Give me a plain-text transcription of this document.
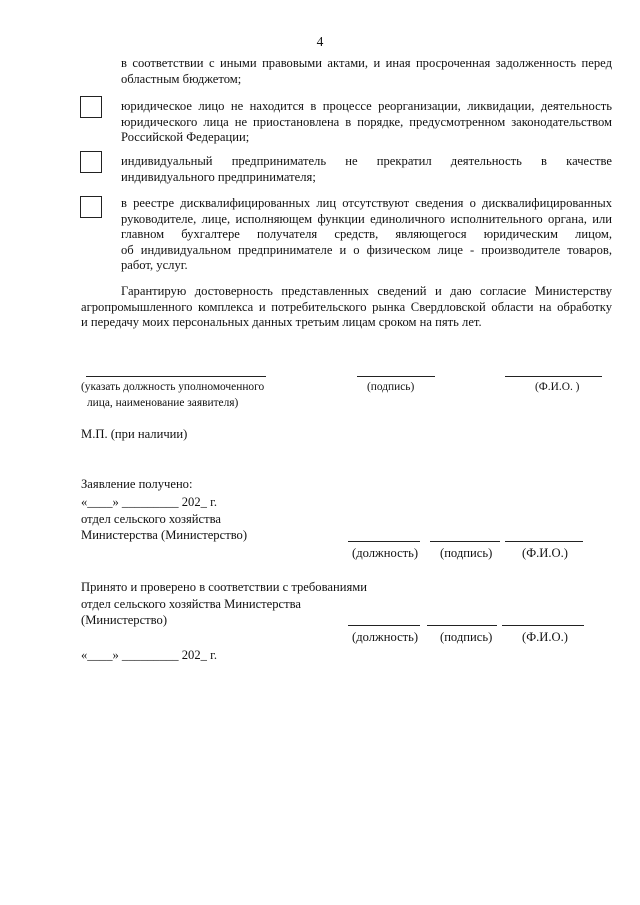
4
в соответствии с иными правовыми актами, и иная просроченная задолженность перед
областным бюджетом;
юридическое лицо не находится в процессе реорганизации, ликвидации, деятельность
юридического лица не приостановлена в порядке, предусмотренном законодательством
Российской Федерации;
индивидуальный предприниматель не прекратил деятельность в качестве
индивидуального предпринимателя;
в реестре дисквалифицированных лиц отсутствуют сведения о дисквалифицированных
руководителе, лице, исполняющем функции единоличного исполнительного органа, или
главном бухгалтере получателя средств, являющегося юридическим лицом,
об индивидуальном предпринимателе и о физическом лице - производителе товаров,
работ, услуг.
Гарантирую достоверность представленных сведений и даю согласие Министерству
агропромышленного комплекса и потребительского рынка Свердловской области на обработку
и передачу моих персональных данных третьим лицам сроком на пять лет.
(указать должность уполномоченного
лица, наименование заявителя)
(подпись)	(Ф.И.О. )
М.П. (при наличии)
Заявление получено:
«____» _________ 202_ г.
отдел сельского хозяйства
Министерства (Министерство)
(должность) (подпись) (Ф.И.О.)
Принято и проверено в соответствии с требованиями
отдел сельского хозяйства Министерства
(Министерство)
(должность) (подпись) (Ф.И.О.)
«____» _________ 202_ г.
